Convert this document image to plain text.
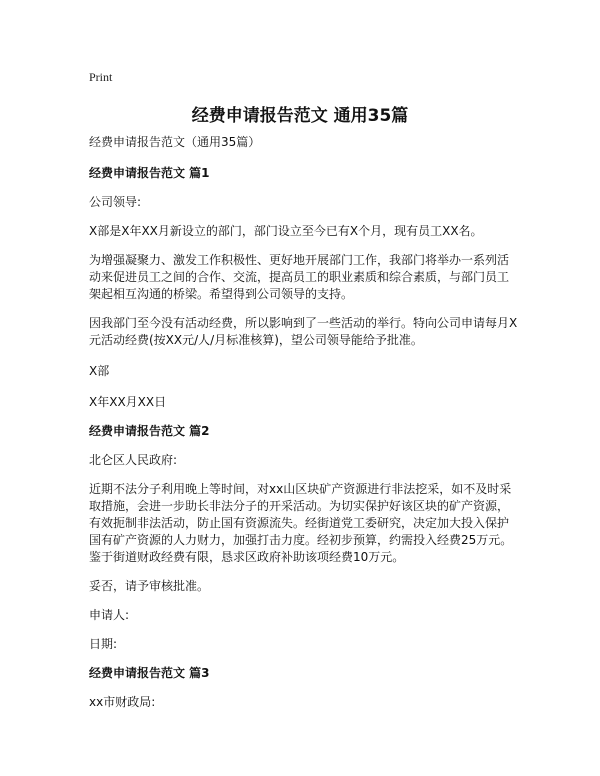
Print
经费申请报告范文 通用35篇

经费申请报告范文（通用35篇）

经费申请报告范文 篇1

公司领导:

X部是X年XX月新设立的部门，部门设立至今已有X个月，现有员工XX名。

为增强凝聚力、激发工作积极性、更好地开展部门工作，我部门将举办一系列活动来促进员工之间的合作、交流，提高员工的职业素质和综合素质，与部门员工架起相互沟通的桥梁。希望得到公司领导的支持。

因我部门至今没有活动经费，所以影响到了一些活动的举行。特向公司申请每月X元活动经费(按XX元/人/月标准核算)，望公司领导能给予批准。

X部

X年XX月XX日

经费申请报告范文 篇2

北仑区人民政府:

近期不法分子利用晚上等时间，对xx山区块矿产资源进行非法挖采，如不及时采取措施，会进一步助长非法分子的开采活动。为切实保护好该区块的矿产资源，有效扼制非法活动，防止国有资源流失。经街道党工委研究，决定加大投入保护国有矿产资源的人力财力，加强打击力度。经初步预算，约需投入经费25万元。鉴于街道财政经费有限，恳求区政府补助该项经费10万元。

妥否，请予审核批准。

申请人:

日期:

经费申请报告范文 篇3

xx市财政局:
